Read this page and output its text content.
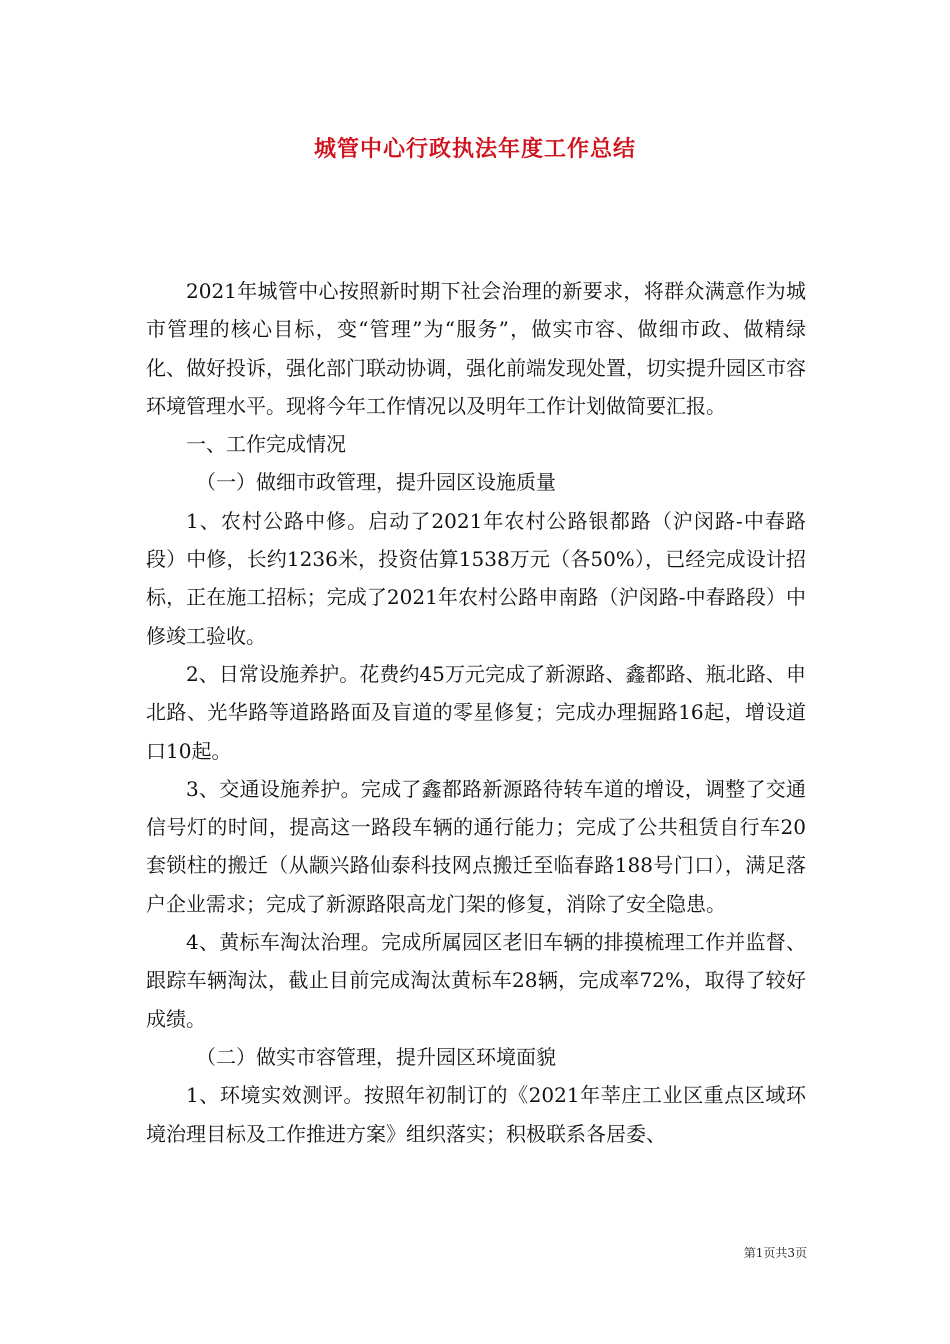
城管中心行政执法年度工作总结

2021年城管中心按照新时期下社会治理的新要求，将群众满意作为城市管理的核心目标，变“管理”为“服务”，做实市容、做细市政、做精绿化、做好投诉，强化部门联动协调，强化前端发现处置，切实提升园区市容环境管理水平。现将今年工作情况以及明年工作计划做简要汇报。

一、工作完成情况

（一）做细市政管理，提升园区设施质量

1、农村公路中修。启动了2021年农村公路银都路（沪闵路-中春路段）中修，长约1236米，投资估算1538万元（各50%），已经完成设计招标，正在施工招标；完成了2021年农村公路申南路（沪闵路-中春路段）中修竣工验收。

2、日常设施养护。花费约45万元完成了新源路、鑫都路、瓶北路、申北路、光华路等道路路面及盲道的零星修复；完成办理掘路16起，增设道口10起。

3、交通设施养护。完成了鑫都路新源路待转车道的增设，调整了交通信号灯的时间，提高这一路段车辆的通行能力；完成了公共租赁自行车20套锁柱的搬迁（从颛兴路仙泰科技网点搬迁至临春路188号门口），满足落户企业需求；完成了新源路限高龙门架的修复，消除了安全隐患。

4、黄标车淘汰治理。完成所属园区老旧车辆的排摸梳理工作并监督、跟踪车辆淘汰，截止目前完成淘汰黄标车28辆，完成率72%，取得了较好成绩。

（二）做实市容管理，提升园区环境面貌

1、环境实效测评。按照年初制订的《2021年莘庄工业区重点区域环境治理目标及工作推进方案》组织落实；积极联系各居委、

第1页共3页
